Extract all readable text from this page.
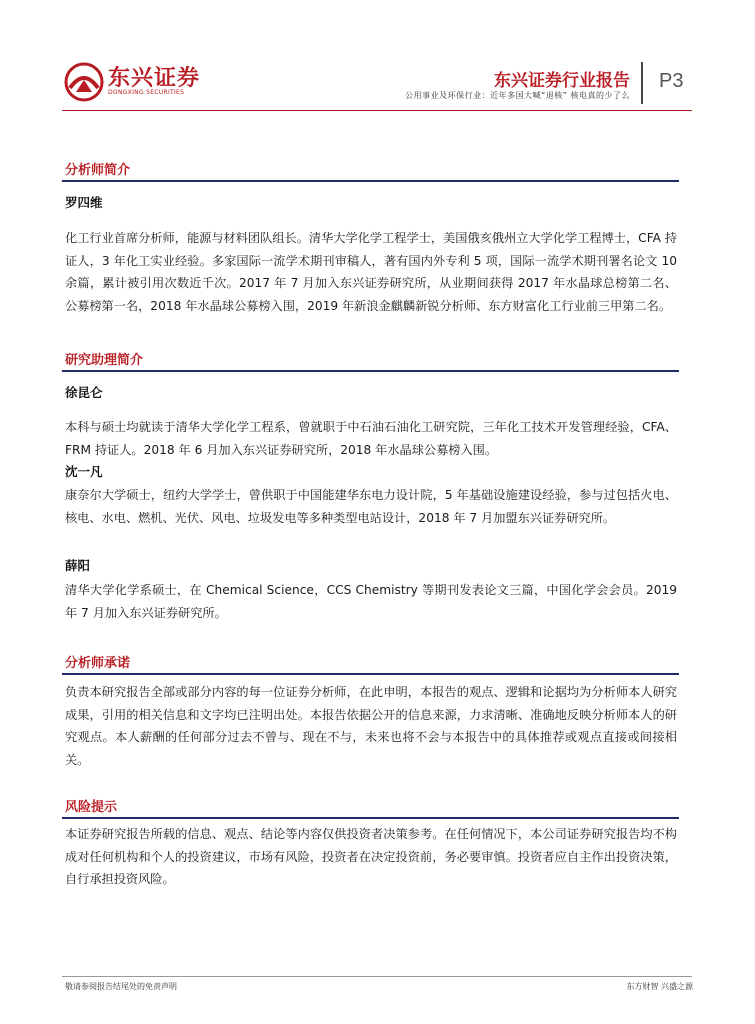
东兴证券
DONGXING SECURITIES
东兴证券行业报告
公用事业及环保行业：近年多国大喊“退核” 核电真的少了么
P3
分析师简介
罗四维

化工行业首席分析师，能源与材料团队组长。清华大学化学工程学士，美国俄亥俄州立大学化学工程博士，CFA 持证人，3 年化工实业经验。多家国际一流学术期刊审稿人，著有国内外专利 5 项，国际一流学术期刊署名论文 10 余篇，累计被引用次数近千次。2017 年 7 月加入东兴证券研究所，从业期间获得 2017 年水晶球总榜第二名、公募榜第一名，2018 年水晶球公募榜入围，2019 年新浪金麒麟新锐分析师、东方财富化工行业前三甲第二名。

研究助理简介
徐昆仑

本科与硕士均就读于清华大学化学工程系，曾就职于中石油石油化工研究院，三年化工技术开发管理经验，CFA、FRM 持证人。2018 年 6 月加入东兴证券研究所，2018 年水晶球公募榜入围。

沈一凡

康奈尔大学硕士，纽约大学学士，曾供职于中国能建华东电力设计院，5 年基础设施建设经验，参与过包括火电、核电、水电、燃机、光伏、风电、垃圾发电等多种类型电站设计，2018 年 7 月加盟东兴证券研究所。

薛阳

清华大学化学系硕士，在 Chemical Science，CCS Chemistry 等期刊发表论文三篇，中国化学会会员。2019 年 7 月加入东兴证券研究所。

分析师承诺

负责本研究报告全部或部分内容的每一位证券分析师，在此申明，本报告的观点、逻辑和论据均为分析师本人研究成果，引用的相关信息和文字均已注明出处。本报告依据公开的信息来源，力求清晰、准确地反映分析师本人的研究观点。本人薪酬的任何部分过去不曾与、现在不与，未来也将不会与本报告中的具体推荐或观点直接或间接相关。

风险提示

本证券研究报告所载的信息、观点、结论等内容仅供投资者决策参考。在任何情况下，本公司证券研究报告均不构成对任何机构和个人的投资建议，市场有风险，投资者在决定投资前，务必要审慎。投资者应自主作出投资决策，自行承担投资风险。

敬请参阅报告结尾处的免责声明	东方财智 兴盛之源
